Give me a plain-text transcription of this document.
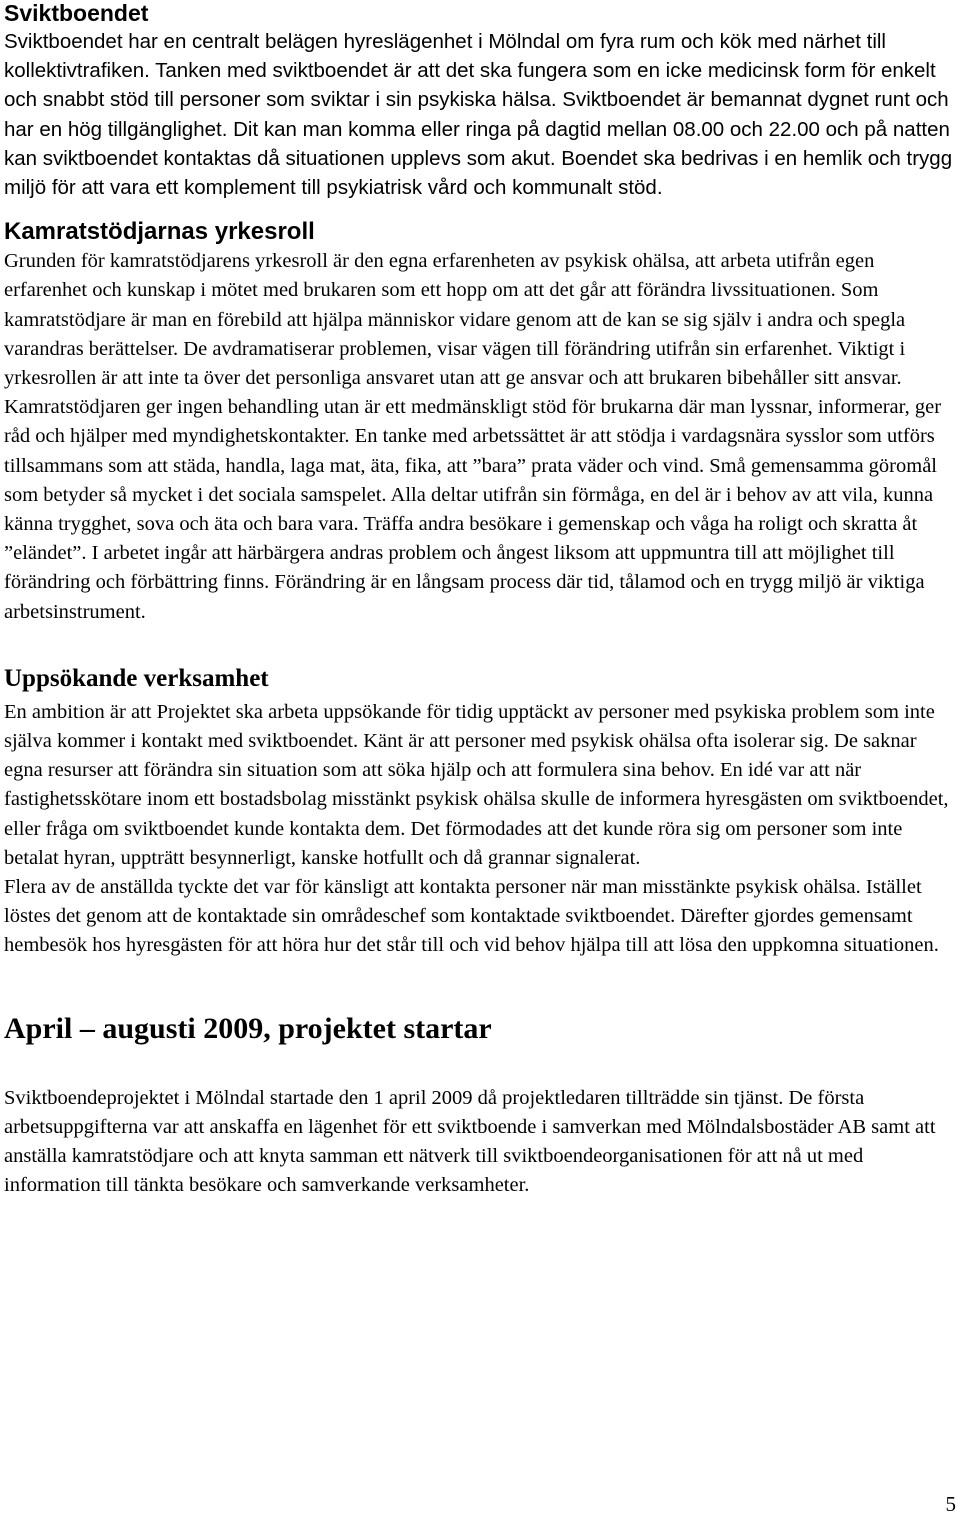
Sviktboendet

Sviktboendet har en centralt belägen hyreslägenhet i Mölndal om fyra rum och kök med närhet till kollektivtrafiken. Tanken med sviktboendet är att det ska fungera som en icke medicinsk form för enkelt och snabbt stöd till personer som sviktar i sin psykiska hälsa. Sviktboendet är bemannat dygnet runt och har en hög tillgänglighet. Dit kan man komma eller ringa på dagtid mellan 08.00 och 22.00 och på natten kan sviktboendet kontaktas då situationen upplevs som akut. Boendet ska bedrivas i en hemlik och trygg miljö för att vara ett komplement till psykiatrisk vård och kommunalt stöd.

Kamratstödjarnas yrkesroll

Grunden för kamratstödjarens yrkesroll är den egna erfarenheten av psykisk ohälsa, att arbeta utifrån egen erfarenhet och kunskap i mötet med brukaren som ett hopp om att det går att förändra livssituationen. Som kamratstödjare är man en förebild att hjälpa människor vidare genom att de kan se sig själv i andra och spegla varandras berättelser. De avdramatiserar problemen, visar vägen till förändring utifrån sin erfarenhet. Viktigt i yrkesrollen är att inte ta över det personliga ansvaret utan att ge ansvar och att brukaren bibehåller sitt ansvar. Kamratstödjaren ger ingen behandling utan är ett medmänskligt stöd för brukarna där man lyssnar, informerar, ger råd och hjälper med myndighetskontakter. En tanke med arbetssättet är att stödja i vardagsnära sysslor som utförs tillsammans som att städa, handla, laga mat, äta, fika, att ”bara” prata väder och vind. Små gemensamma göromål som betyder så mycket i det sociala samspelet. Alla deltar utifrån sin förmåga, en del är i behov av att vila, kunna känna trygghet, sova och äta och bara vara. Träffa andra besökare i gemenskap och våga ha roligt och skratta åt ”eländet”. I arbetet ingår att härbärgera andras problem och ångest liksom att uppmuntra till att möjlighet till förändring och förbättring finns. Förändring är en långsam process där tid, tålamod och en trygg miljö är viktiga arbetsinstrument.

Uppsökande verksamhet

En ambition är att Projektet ska arbeta uppsökande för tidig upptäckt av personer med psykiska problem som inte själva kommer i kontakt med sviktboendet. Känt är att personer med psykisk ohälsa ofta isolerar sig. De saknar egna resurser att förändra sin situation som att söka hjälp och att formulera sina behov. En idé var att när fastighetsskötare inom ett bostadsbolag misstänkt psykisk ohälsa skulle de informera hyresgästen om sviktboendet, eller fråga om sviktboendet kunde kontakta dem. Det förmodades att det kunde röra sig om personer som inte betalat hyran, uppträtt besynnerligt, kanske hotfullt och då grannar signalerat.

Flera av de anställda tyckte det var för känsligt att kontakta personer när man misstänkte psykisk ohälsa. Istället löstes det genom att de kontaktade sin områdeschef som kontaktade sviktboendet. Därefter gjordes gemensamt hembesök hos hyresgästen för att höra hur det står till och vid behov hjälpa till att lösa den uppkomna situationen.

April – augusti 2009, projektet startar

Sviktboendeprojektet i Mölndal startade den 1 april 2009 då projektledaren tillträdde sin tjänst. De första arbetsuppgifterna var att anskaffa en lägenhet för ett sviktboende i samverkan med Mölndalsbostäder AB samt att anställa kamratstödjare och att knyta samman ett nätverk till sviktboendeorganisationen för att nå ut med information till tänkta besökare och samverkande verksamheter.

5
